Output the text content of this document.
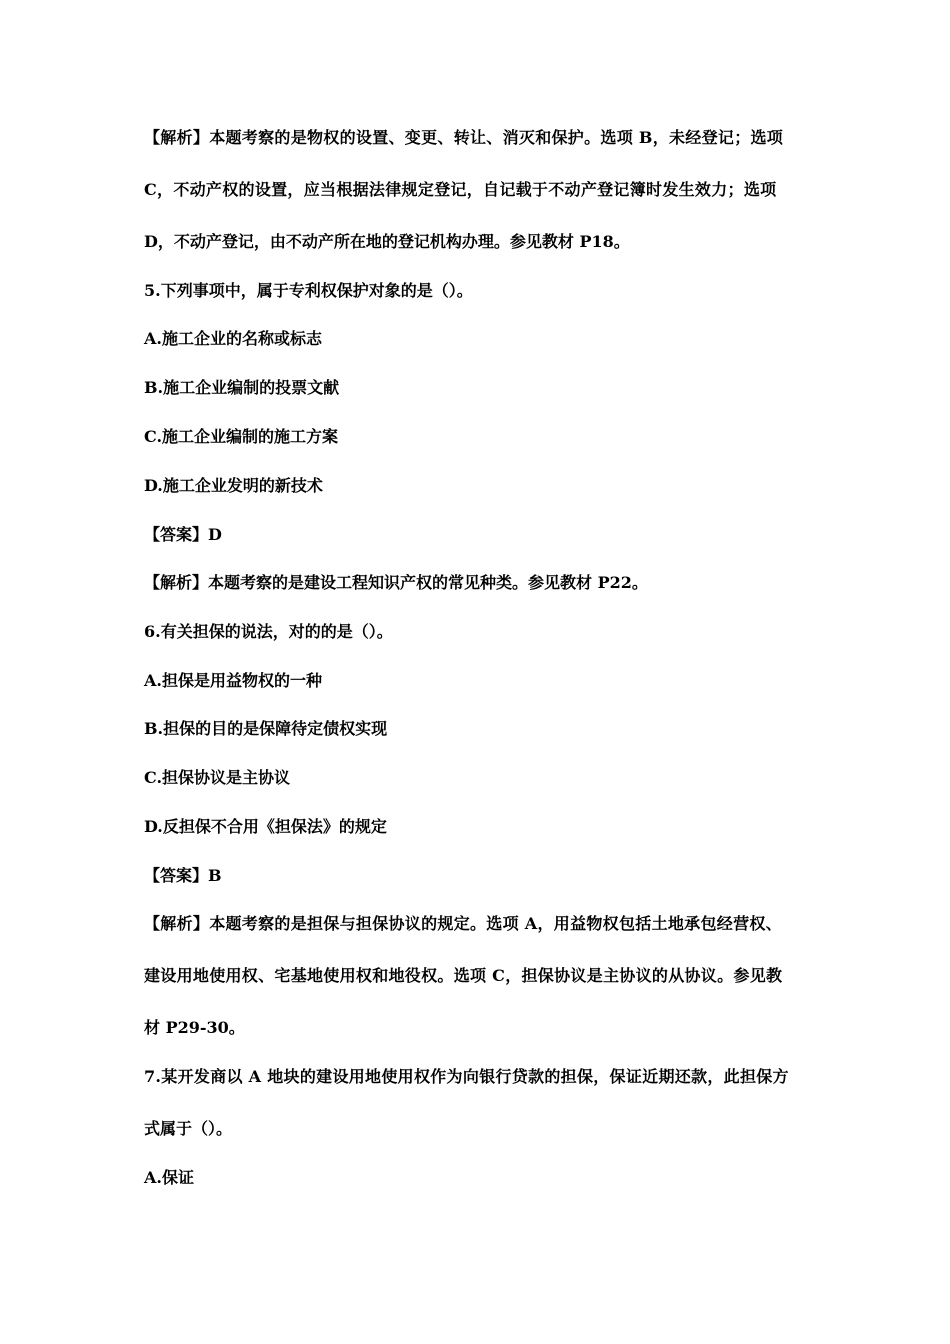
【解析】本题考察的是物权的设置、变更、转让、消灭和保护。选项 B，未经登记；选项
C，不动产权的设置，应当根据法律规定登记，自记载于不动产登记簿时发生效力；选项
D，不动产登记，由不动产所在地的登记机构办理。参见教材 P18。
5.下列事项中，属于专利权保护对象的是（）。
A.施工企业的名称或标志
B.施工企业编制的投票文献
C.施工企业编制的施工方案
D.施工企业发明的新技术
【答案】D
【解析】本题考察的是建设工程知识产权的常见种类。参见教材 P22。
6.有关担保的说法，对的的是（）。
A.担保是用益物权的一种
B.担保的目的是保障待定债权实现
C.担保协议是主协议
D.反担保不合用《担保法》的规定
【答案】B
【解析】本题考察的是担保与担保协议的规定。选项 A，用益物权包括土地承包经营权、
建设用地使用权、宅基地使用权和地役权。选项 C，担保协议是主协议的从协议。参见教
材 P29-30。
7.某开发商以 A 地块的建设用地使用权作为向银行贷款的担保，保证近期还款，此担保方
式属于（）。
A.保证
